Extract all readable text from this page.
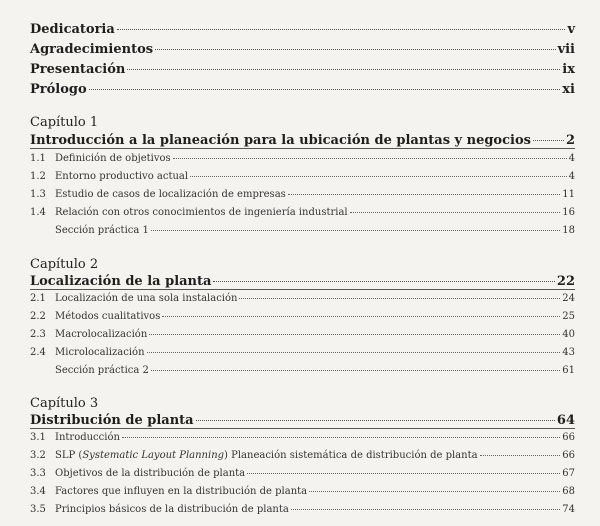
Dedicatoria	v
Agradecimientos	vii
Presentación	ix
Prólogo	xi
Capítulo 1
Introducción a la planeación para la ubicación de plantas y negocios	2
1.1 Definición de objetivos	4
1.2 Entorno productivo actual	4
1.3 Estudio de casos de localización de empresas	11
1.4 Relación con otros conocimientos de ingeniería industrial	16
Sección práctica 1	18
Capítulo 2
Localización de la planta	22
2.1 Localización de una sola instalación	24
2.2 Métodos cualitativos	25
2.3 Macrolocalización	40
2.4 Microlocalización	43
Sección práctica 2	61
Capítulo 3
Distribución de planta	64
3.1 Introducción	66
3.2 SLP (Systematic Layout Planning) Planeación sistemática de distribución de planta	66
3.3 Objetivos de la distribución de planta	67
3.4 Factores que influyen en la distribución de planta	68
3.5 Principios básicos de la distribución de planta	74
